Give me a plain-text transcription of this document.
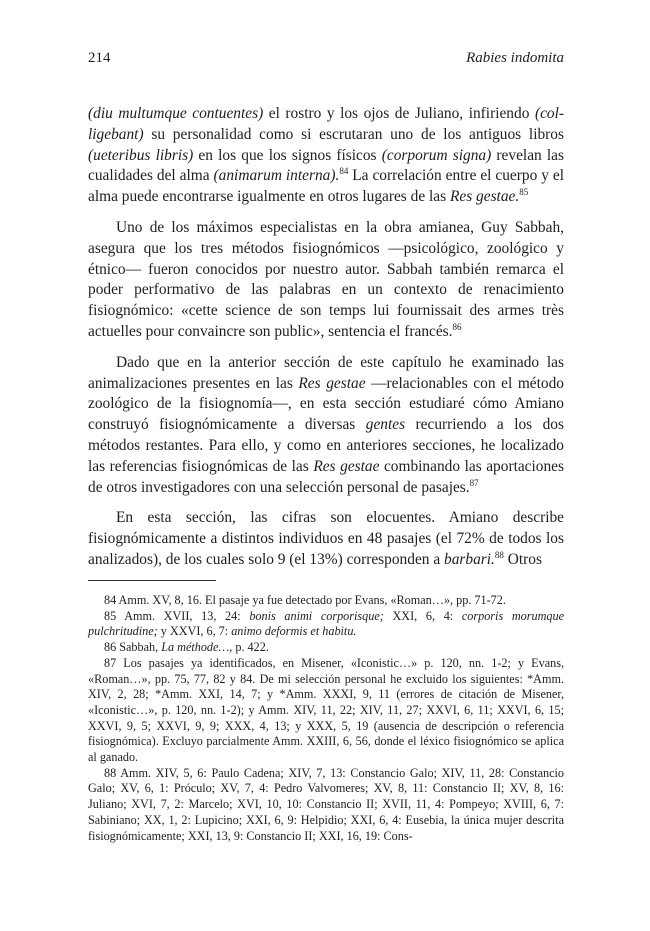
214	Rabies indomita

(diu multumque contuentes) el rostro y los ojos de Juliano, infiriendo (colligebant) su personalidad como si escrutaran uno de los antiguos libros (ueteribus libris) en los que los signos físicos (corporum signa) revelan las cualidades del alma (animarum interna).$^{84}$ La correlación entre el cuerpo y el alma puede encontrarse igualmente en otros lugares de las Res gestae.$^{85}$

Uno de los máximos especialistas en la obra amianea, Guy Sabbah, asegura que los tres métodos fisiognómicos —psicológico, zoológico y étnico— fueron conocidos por nuestro autor. Sabbah también remarca el poder performativo de las palabras en un contexto de renacimiento fisiognómico: «cette science de son temps lui fournissait des armes très actuelles pour convaincre son public», sentencia el francés.$^{86}$

Dado que en la anterior sección de este capítulo he examinado las animalizaciones presentes en las Res gestae —relacionables con el método zoológico de la fisiognomía—, en esta sección estudiaré cómo Amiano construyó fisiognómicamente a diversas gentes recurriendo a los dos métodos restantes. Para ello, y como en anteriores secciones, he localizado las referencias fisiognómicas de las Res gestae combinando las aportaciones de otros investigadores con una selección personal de pasajes.$^{87}$

En esta sección, las cifras son elocuentes. Amiano describe fisiognómicamente a distintos individuos en 48 pasajes (el 72% de todos los analizados), de los cuales solo 9 (el 13%) corresponden a barbari.$^{88}$ Otros

84 Amm. XV, 8, 16. El pasaje ya fue detectado por Evans, «Roman…», pp. 71-72.

85 Amm. XVII, 13, 24: bonis animi corporisque; XXI, 6, 4: corporis morumque pulchritudine; y XXVI, 6, 7: animo deformis et habitu.

86 Sabbah, La méthode…, p. 422.

87 Los pasajes ya identificados, en Misener, «Iconistic…» p. 120, nn. 1-2; y Evans, «Roman…», pp. 75, 77, 82 y 84. De mi selección personal he excluido los siguientes: *Amm. XIV, 2, 28; *Amm. XXI, 14, 7; y *Amm. XXXI, 9, 11 (errores de citación de Misener, «Iconistic…», p. 120, nn. 1-2); y Amm. XIV, 11, 22; XIV, 11, 27; XXVI, 6, 11; XXVI, 6, 15; XXVI, 9, 5; XXVI, 9, 9; XXX, 4, 13; y XXX, 5, 19 (ausencia de descripción o referencia fisiognómica). Excluyo parcialmente Amm. XXIII, 6, 56, donde el léxico fisiognómico se aplica al ganado.

88 Amm. XIV, 5, 6: Paulo Cadena; XIV, 7, 13: Constancio Galo; XIV, 11, 28: Constancio Galo; XV, 6, 1: Próculo; XV, 7, 4: Pedro Valvomeres; XV, 8, 11: Constancio II; XV, 8, 16: Juliano; XVI, 7, 2: Marcelo; XVI, 10, 10: Constancio II; XVII, 11, 4: Pompeyo; XVIII, 6, 7: Sabiniano; XX, 1, 2: Lupicino; XXI, 6, 9: Helpidio; XXI, 6, 4: Eusebia, la única mujer descrita fisiognómicamente; XXI, 13, 9: Constancio II; XXI, 16, 19: Cons-
